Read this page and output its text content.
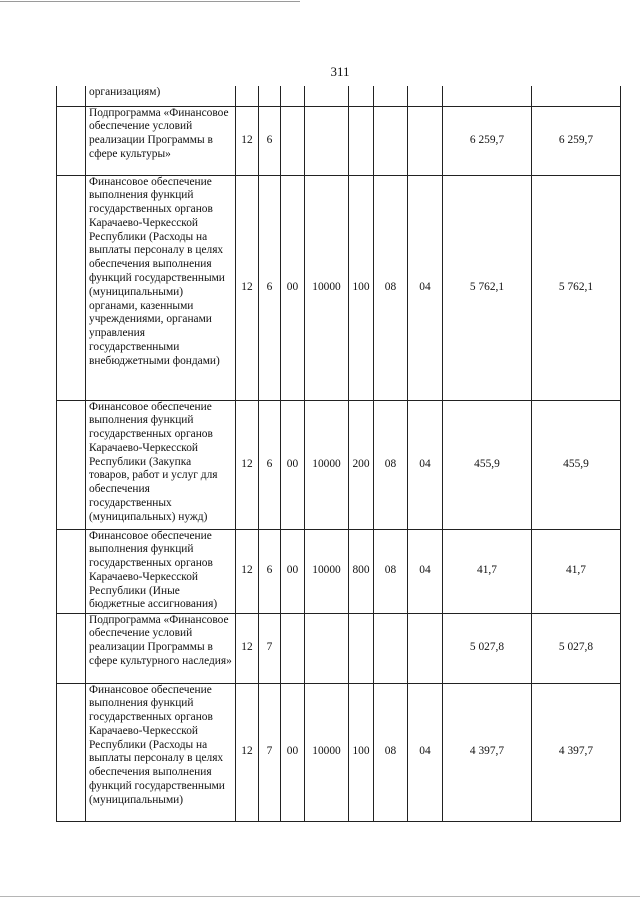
311
	организациям)									
	Подпрограмма «Финансовое обеспечение условий реализации Программы в сфере культуры»	12	6						6 259,7	6 259,7
	Финансовое обеспечение выполнения функций государственных органов Карачаево-Черкесской Республики (Расходы на выплаты персоналу в целях обеспечения выполнения функций государственными (муниципальными) органами, казенными учреждениями, органами управления государственными внебюджетными фондами)	12	6	00	10000	100	08	04	5 762,1	5 762,1
	Финансовое обеспечение выполнения функций государственных органов Карачаево-Черкесской Республики (Закупка товаров, работ и услуг для обеспечения государственных (муниципальных) нужд)	12	6	00	10000	200	08	04	455,9	455,9
	Финансовое обеспечение выполнения функций государственных органов Карачаево-Черкесской Республики (Иные бюджетные ассигнования)	12	6	00	10000	800	08	04	41,7	41,7
	Подпрограмма «Финансовое обеспечение условий реализации Программы в сфере культурного наследия»	12	7						5 027,8	5 027,8
	Финансовое обеспечение выполнения функций государственных органов Карачаево-Черкесской Республики (Расходы на выплаты персоналу в целях обеспечения выполнения функций государственными (муниципальными)	12	7	00	10000	100	08	04	4 397,7	4 397,7
